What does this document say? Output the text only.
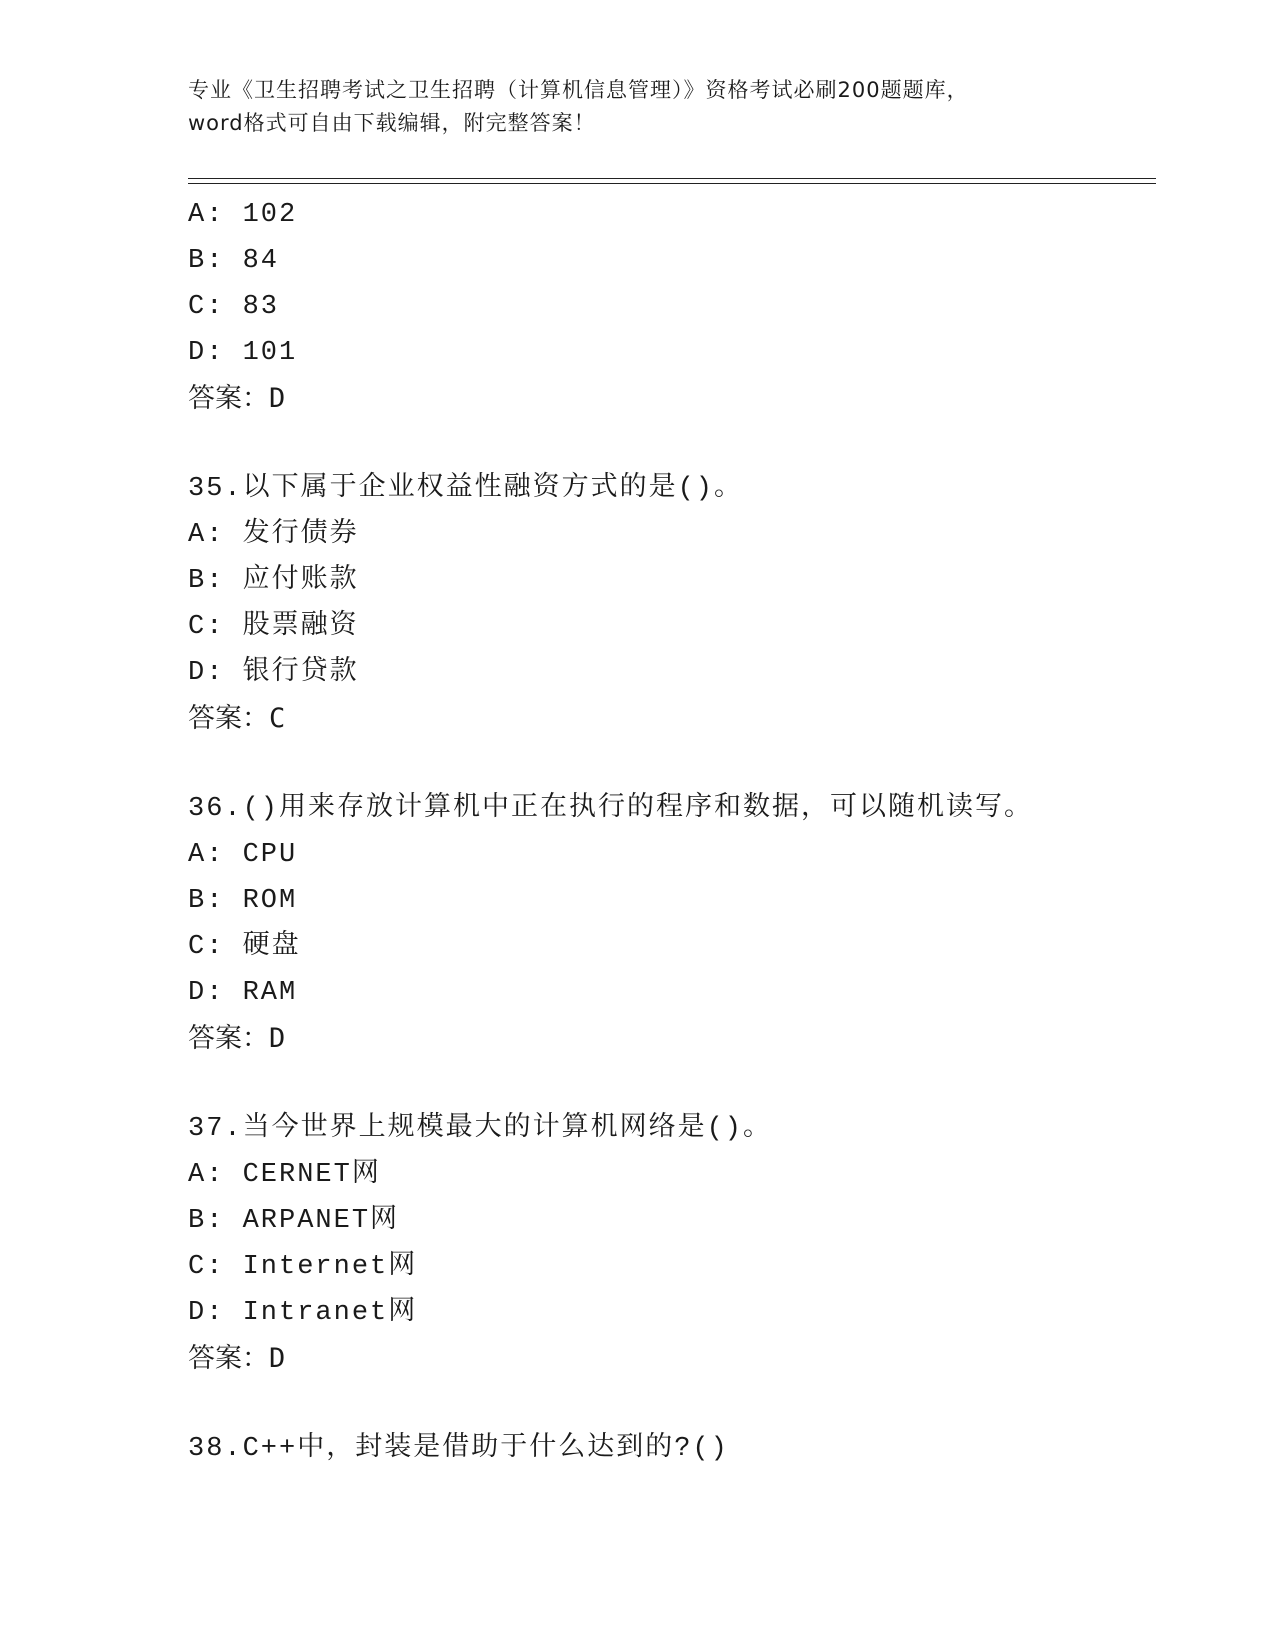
专业《卫生招聘考试之卫生招聘（计算机信息管理）》资格考试必刷200题题库，
word格式可自由下载编辑，附完整答案！
A: 102
B: 84
C: 83
D: 101
答案：D
35.以下属于企业权益性融资方式的是()。
A: 发行债券
B: 应付账款
C: 股票融资
D: 银行贷款
答案：C
36.()用来存放计算机中正在执行的程序和数据，可以随机读写。
A: CPU
B: ROM
C: 硬盘
D: RAM
答案：D
37.当今世界上规模最大的计算机网络是()。
A: CERNET网
B: ARPANET网
C: Internet网
D: Intranet网
答案：D
38.C++中，封装是借助于什么达到的?()
